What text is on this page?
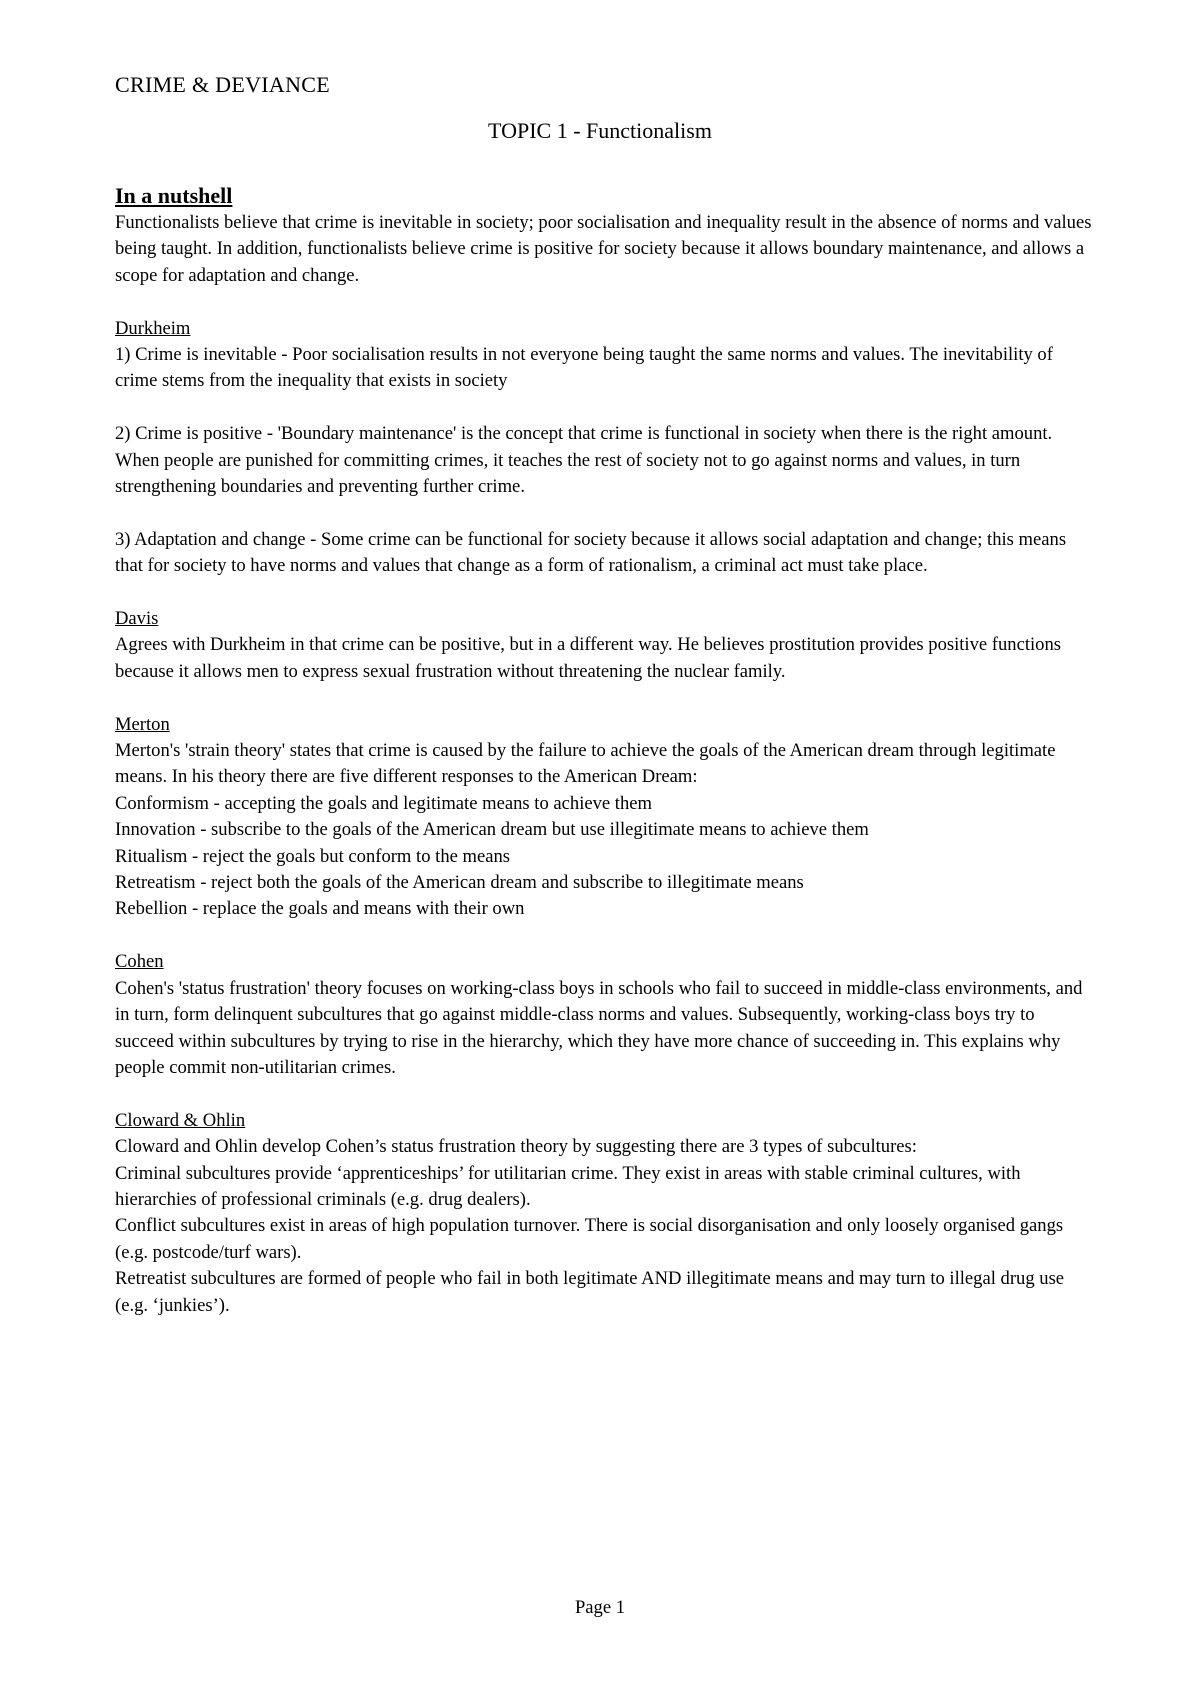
CRIME & DEVIANCE
TOPIC 1 - Functionalism
In a nutshell

Functionalists believe that crime is inevitable in society; poor socialisation and inequality result in the absence of norms and values being taught. In addition, functionalists believe crime is positive for society because it allows boundary maintenance, and allows a scope for adaptation and change.

Durkheim

1) Crime is inevitable - Poor socialisation results in not everyone being taught the same norms and values. The inevitability of crime stems from the inequality that exists in society

2) Crime is positive - 'Boundary maintenance' is the concept that crime is functional in society when there is the right amount. When people are punished for committing crimes, it teaches the rest of society not to go against norms and values, in turn strengthening boundaries and preventing further crime.

3) Adaptation and change - Some crime can be functional for society because it allows social adaptation and change; this means that for society to have norms and values that change as a form of rationalism, a criminal act must take place.

Davis

Agrees with Durkheim in that crime can be positive, but in a different way. He believes prostitution provides positive functions because it allows men to express sexual frustration without threatening the nuclear family.

Merton

Merton's 'strain theory' states that crime is caused by the failure to achieve the goals of the American dream through legitimate means. In his theory there are five different responses to the American Dream:

Conformism - accepting the goals and legitimate means to achieve them
Innovation - subscribe to the goals of the American dream but use illegitimate means to achieve them
Ritualism - reject the goals but conform to the means
Retreatism - reject both the goals of the American dream and subscribe to illegitimate means
Rebellion - replace the goals and means with their own
Cohen

Cohen's 'status frustration' theory focuses on working-class boys in schools who fail to succeed in middle-class environments, and in turn, form delinquent subcultures that go against middle-class norms and values. Subsequently, working-class boys try to succeed within subcultures by trying to rise in the hierarchy, which they have more chance of succeeding in. This explains why people commit non-utilitarian crimes.

Cloward & Ohlin

Cloward and Ohlin develop Cohen’s status frustration theory by suggesting there are 3 types of subcultures:

Criminal subcultures provide ‘apprenticeships’ for utilitarian crime. They exist in areas with stable criminal cultures, with hierarchies of professional criminals (e.g. drug dealers).

Conflict subcultures exist in areas of high population turnover. There is social disorganisation and only loosely organised gangs (e.g. postcode/turf wars).

Retreatist subcultures are formed of people who fail in both legitimate AND illegitimate means and may turn to illegal drug use (e.g. ‘junkies’).

Page 1
